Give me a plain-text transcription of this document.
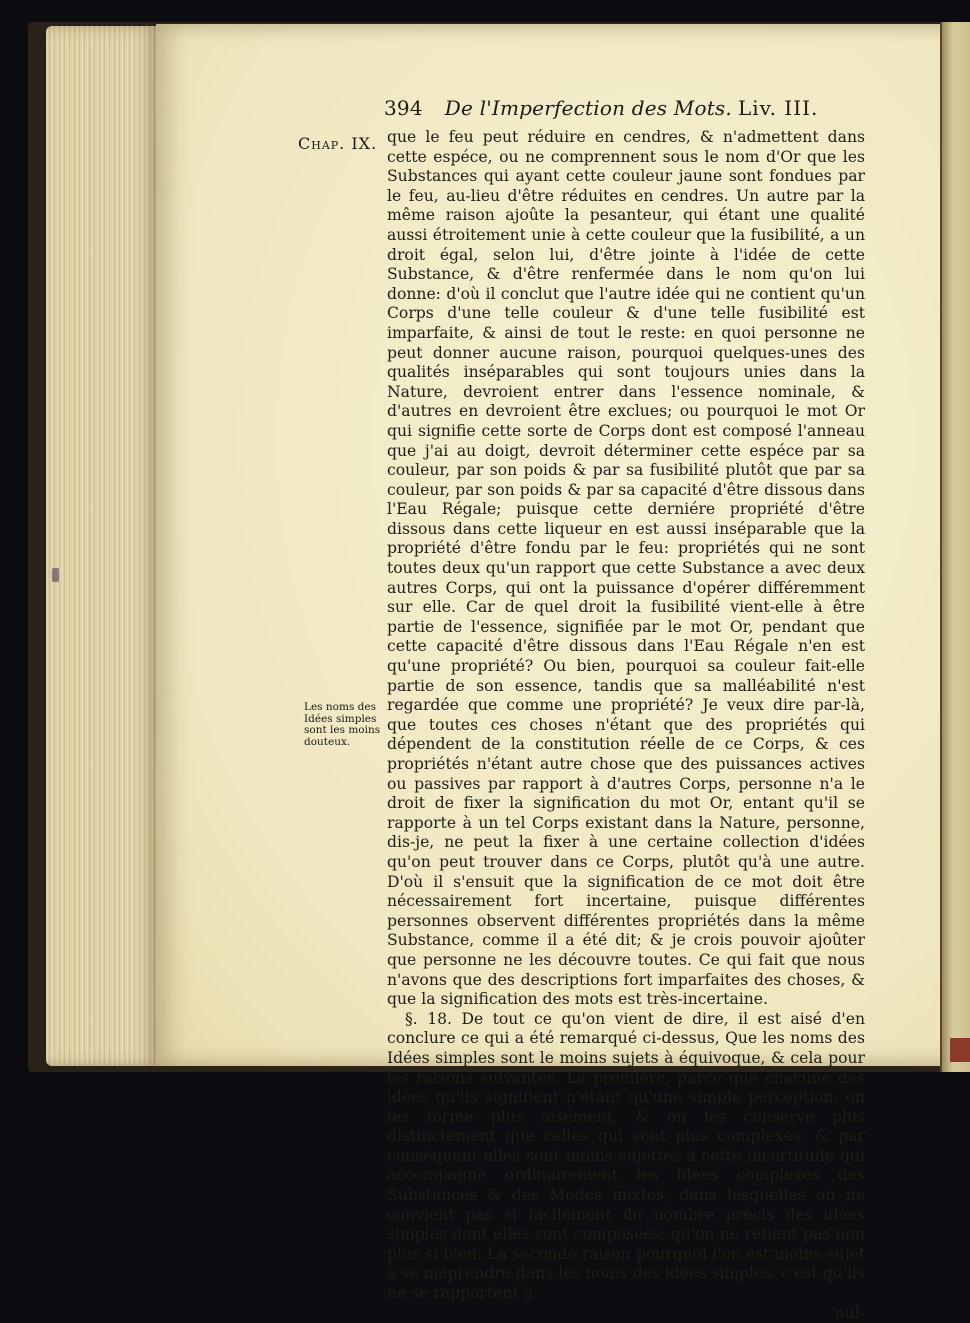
394 De l'Imperfection des Mots. Liv. III.
Chap. IX. que le feu peut réduire en cendres, & n'admettent dans cette espéce, ou ne comprennent sous le nom d'Or que les Substances qui ayant cette couleur jaune sont fondues par le feu, au-lieu d'être réduites en cendres. Un autre par la même raison ajoûte la pesanteur, qui étant une qualité aussi étroitement unie à cette couleur que la fusibilité, a un droit égal, selon lui, d'être jointe à l'idée de cette Substance, & d'être renfermée dans le nom qu'on lui donne: d'où il conclut que l'autre idée qui ne contient qu'un Corps d'une telle couleur & d'une telle fusibilité est imparfaite, & ainsi de tout le reste: en quoi personne ne peut donner aucune raison, pourquoi quelques-unes des qualités inséparables qui sont toujours unies dans la Nature, devroient entrer dans l'essence nominale, & d'autres en devroient être exclues; ou pourquoi le mot Or qui signifie cette sorte de Corps dont est composé l'anneau que j'ai au doigt, devroit déterminer cette espéce par sa couleur, par son poids & par sa fusibilité plutôt que par sa couleur, par son poids & par sa capacité d'être dissous dans l'Eau Régale; puisque cette derniére propriété d'être dissous dans cette liqueur en est aussi inséparable que la propriété d'être fondu par le feu: propriétés qui ne sont toutes deux qu'un rapport que cette Substance a avec deux autres Corps, qui ont la puissance d'opérer différemment sur elle. Car de quel droit la fusibilité vient-elle à être partie de l'essence, signifiée par le mot Or, pendant que cette capacité d'être dissous dans l'Eau Régale n'en est qu'une propriété? Ou bien, pourquoi sa couleur fait-elle partie de son essence, tandis que sa malléabilité n'est regardée que comme une propriété? Je veux dire par-là, que toutes ces choses n'étant que des propriétés qui dépendent de la constitution réelle de ce Corps, & ces propriétés n'étant autre chose que des puissances actives ou passives par rapport à d'autres Corps, personne n'a le droit de fixer la signification du mot Or, entant qu'il se rapporte à un tel Corps existant dans la Nature, personne, dis-je, ne peut la fixer à une certaine collection d'idées qu'on peut trouver dans ce Corps, plutôt qu'à une autre. D'où il s'ensuit que la signification de ce mot doit être nécessairement fort incertaine, puisque différentes personnes observent différentes propriétés dans la même Substance, comme il a été dit; & je crois pouvoir ajoûter que personne ne les découvre toutes. Ce qui fait que nous n'avons que des descriptions fort imparfaites des choses, & que la signification des mots est très-incertaine.

§. 18. De tout ce qu'on vient de dire, il est aisé d'en conclure ce qui a été remarqué ci-dessus, Que les noms des Idées simples sont le moins sujets à équivoque, & cela pour les raisons suivantes. La premiére, parce que chacune des idées qu'ils signifient n'étant qu'une simple perception, on les forme plus aisément, & on les conserve plus distinctement que celles qui sont plus complexes; & par conséquent elles sont moins sujettes à cette incertitude qui accompagne ordinairement les idées complexes des Substances & des Modes mixtes, dans lesquelles on ne convient pas si facilement du nombre précis des idées simples dont elles sont composées, qu'on ne retient pas non plus si bien. La seconde raison pourquoi l'on est moins sujet à se méprendre dans les noms des idées simples, c'est qu'ils ne se rapportent à

nul-
Les noms des Idées simples sont les moins douteux.
